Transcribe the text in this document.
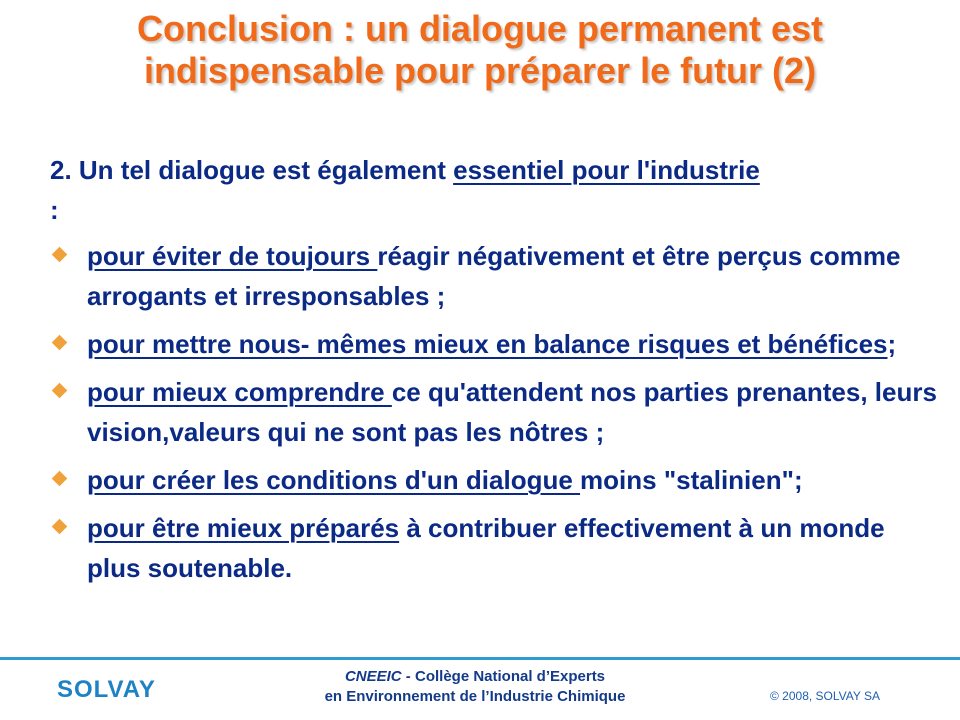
Conclusion : un dialogue permanent est
indispensable pour préparer le futur (2)
2. Un tel dialogue est également essentiel pour l'industrie
:
pour éviter de toujours réagir négativement et être perçus comme arrogants et irresponsables ;
pour mettre nous- mêmes mieux en balance risques et bénéfices;
pour mieux comprendre ce qu'attendent nos parties prenantes, leurs vision,valeurs qui ne sont pas les nôtres ;
pour créer les conditions d'un dialogue moins "stalinien";
pour être mieux préparés à contribuer effectivement à un monde plus soutenable.
SOLVAY	CNEEIC - Collège National d’Experts
en Environnement de l’Industrie Chimique	© 2008, SOLVAY SA
